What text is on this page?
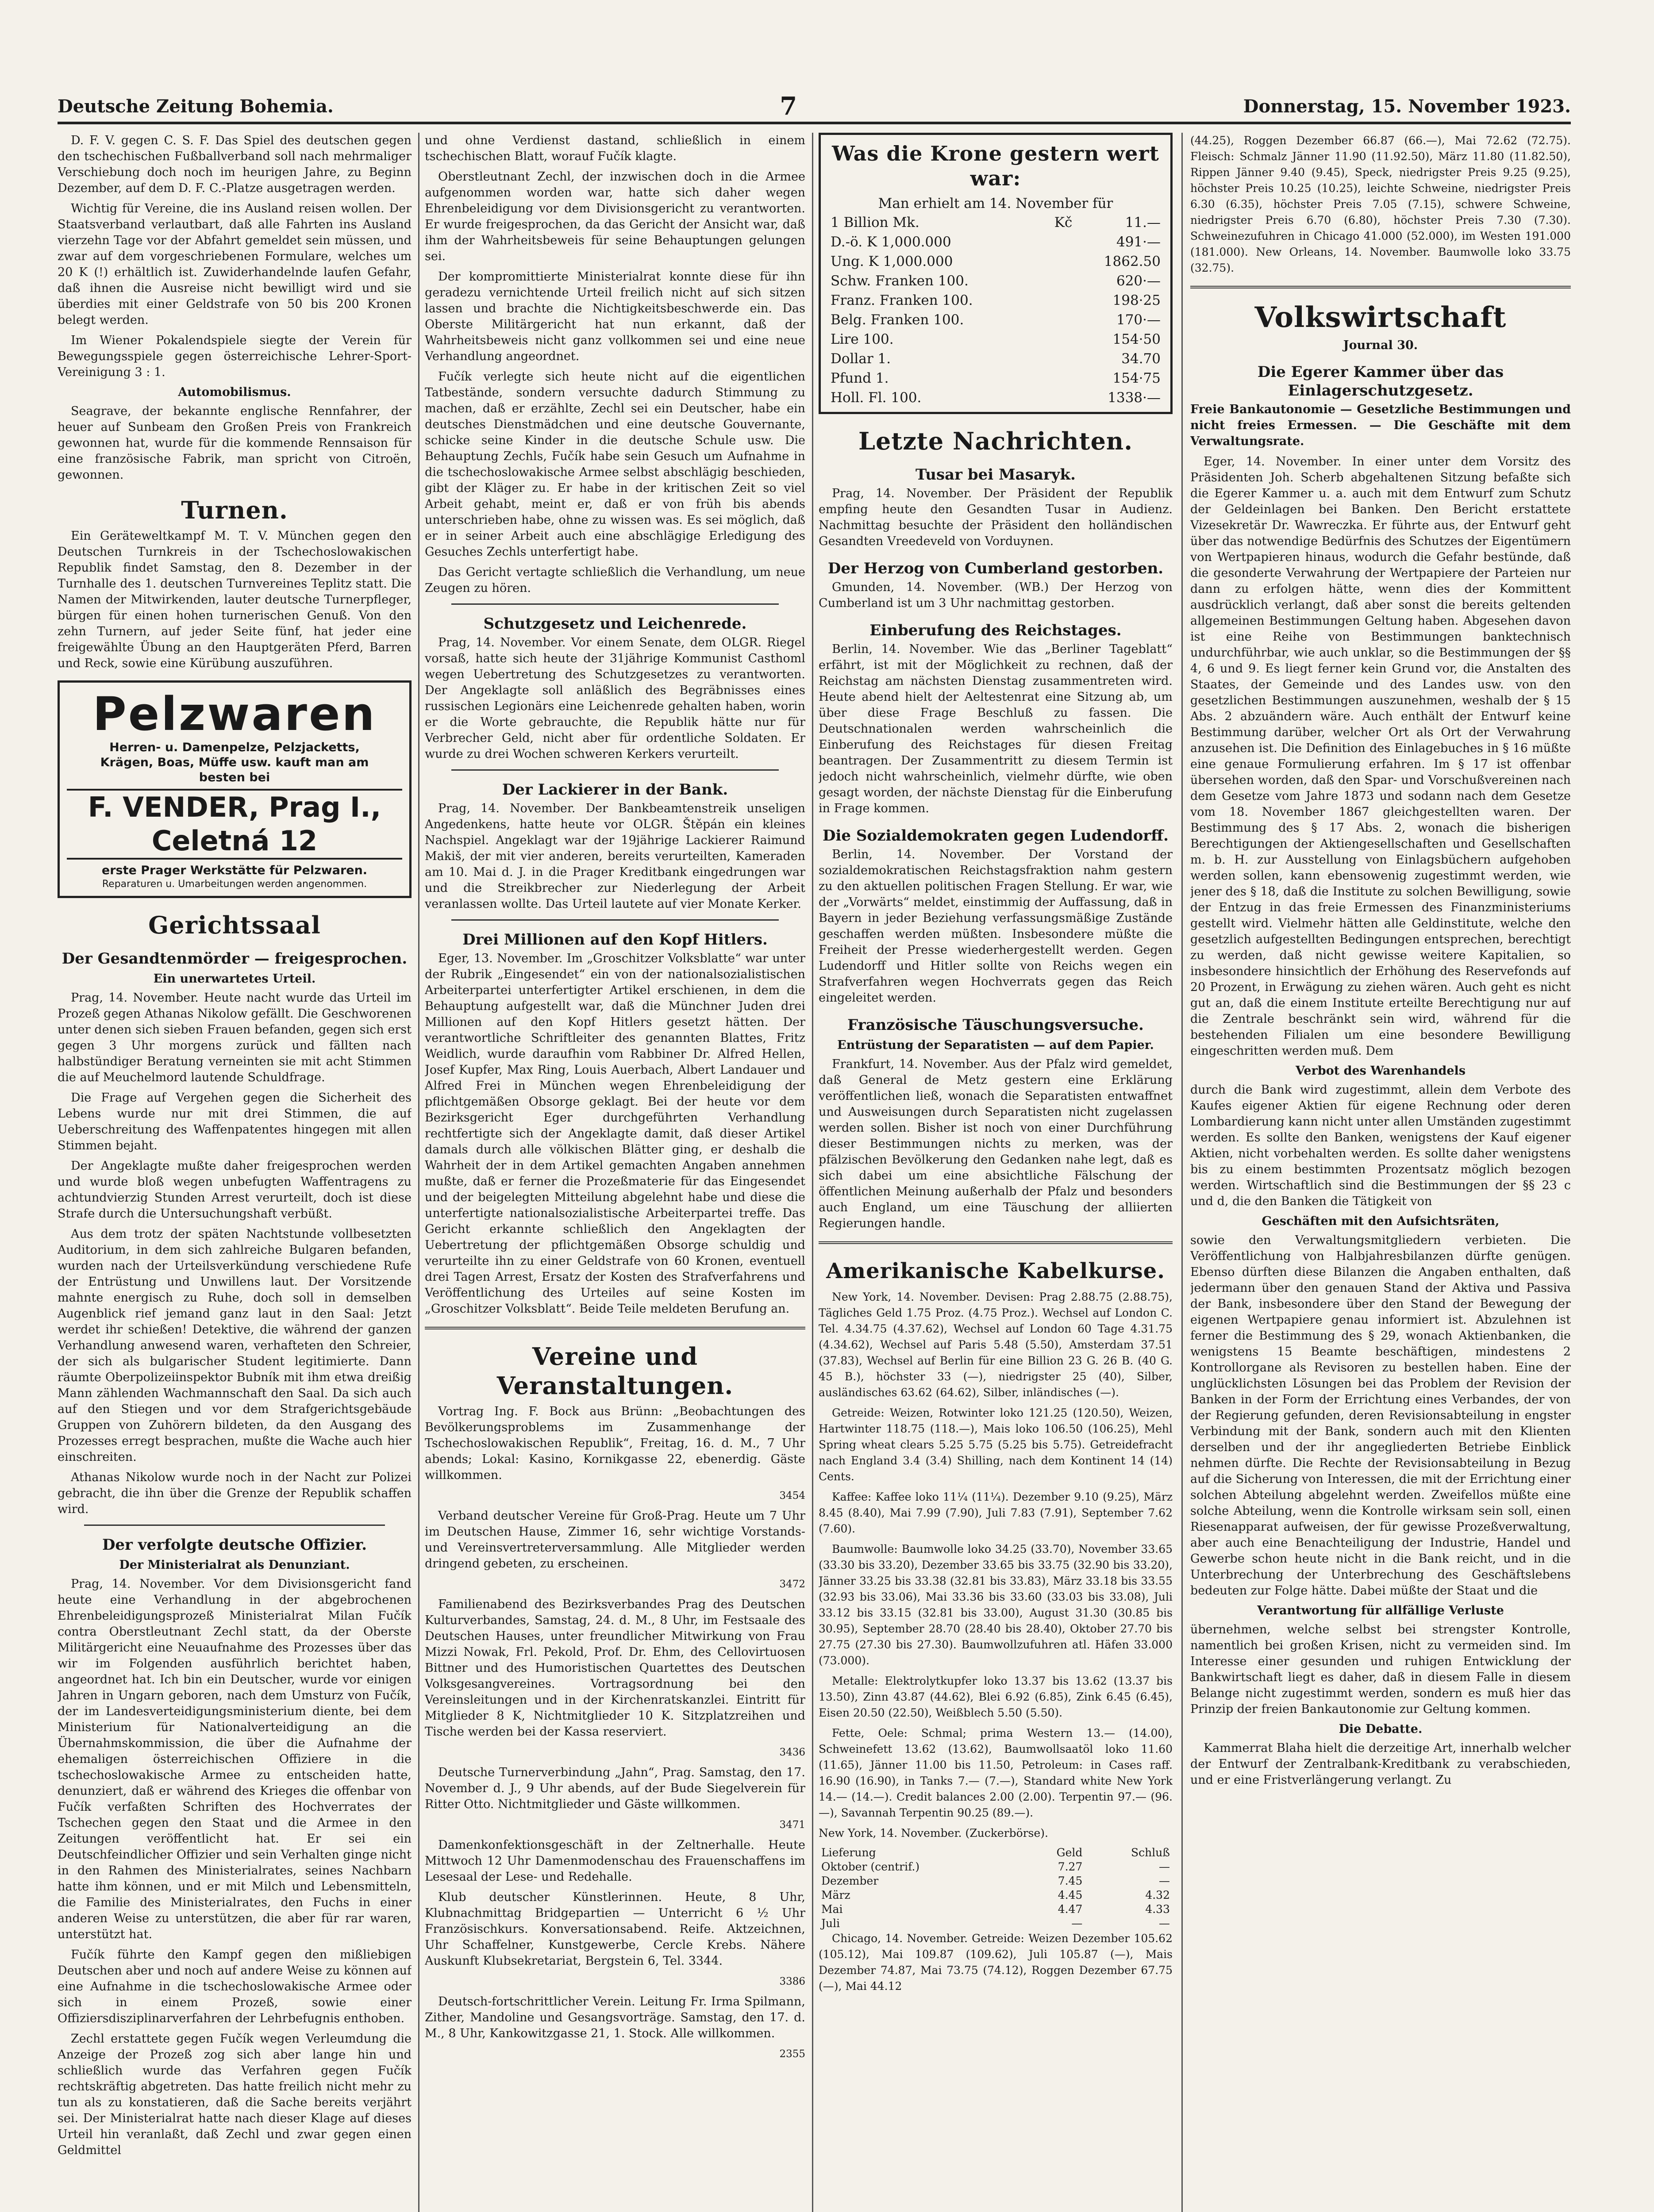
Deutsche Zeitung Bohemia.	7	Donnerstag, 15. November 1923.

D. F. V. gegen C. S. F. Das Spiel des deutschen gegen den tschechischen Fußballverband soll nach mehrmaliger Verschiebung doch noch im heurigen Jahre, zu Beginn Dezember, auf dem D. F. C.-Platze ausgetragen werden.

Wichtig für Vereine, die ins Ausland reisen wollen. Der Staatsverband verlautbart, daß alle Fahrten ins Ausland vierzehn Tage vor der Abfahrt gemeldet sein müssen, und zwar auf dem vorgeschriebenen Formulare, welches um 20 K (!) erhältlich ist. Zuwiderhandelnde laufen Gefahr, daß ihnen die Ausreise nicht bewilligt wird und sie überdies mit einer Geldstrafe von 50 bis 200 Kronen belegt werden.

Im Wiener Pokalendspiele siegte der Verein für Bewegungsspiele gegen österreichische Lehrer-Sport-Vereinigung 3 : 1.

Automobilismus.

Seagrave, der bekannte englische Rennfahrer, der heuer auf Sunbeam den Großen Preis von Frankreich gewonnen hat, wurde für die kommende Rennsaison für eine französische Fabrik, man spricht von Citroën, gewonnen.

Turnen.

Ein Geräteweltkampf M. T. V. München gegen den Deutschen Turnkreis in der Tschechoslowakischen Republik findet Samstag, den 8. Dezember in der Turnhalle des 1. deutschen Turnvereines Teplitz statt. Die Namen der Mitwirkenden, lauter deutsche Turnerpfleger, bürgen für einen hohen turnerischen Genuß. Von den zehn Turnern, auf jeder Seite fünf, hat jeder eine freigewählte Übung an den Hauptgeräten Pferd, Barren und Reck, sowie eine Kürübung auszuführen.

Pelzwaren
Herren- u. Damenpelze, Pelzjacketts,
Krägen, Boas, Müffe usw. kauft man am
besten bei
F. VENDER, Prag I., Celetná 12
erste Prager Werkstätte für Pelzwaren.
Reparaturen u. Umarbeitungen werden angenommen.
Gerichtssaal
Der Gesandtenmörder — freigesprochen.
Ein unerwartetes Urteil.

Prag, 14. November. Heute nacht wurde das Urteil im Prozeß gegen Athanas Nikolow gefällt. Die Geschworenen unter denen sich sieben Frauen befanden, gegen sich erst gegen 3 Uhr morgens zurück und fällten nach halbstündiger Beratung verneinten sie mit acht Stimmen die auf Meuchelmord lautende Schuldfrage.

Die Frage auf Vergehen gegen die Sicherheit des Lebens wurde nur mit drei Stimmen, die auf Ueberschreitung des Waffenpatentes hingegen mit allen Stimmen bejaht.

Der Angeklagte mußte daher freigesprochen werden und wurde bloß wegen unbefugten Waffentragens zu achtundvierzig Stunden Arrest verurteilt, doch ist diese Strafe durch die Untersuchungshaft verbüßt.

Aus dem trotz der späten Nachtstunde vollbesetzten Auditorium, in dem sich zahlreiche Bulgaren befanden, wurden nach der Urteilsverkündung verschiedene Rufe der Entrüstung und Unwillens laut. Der Vorsitzende mahnte energisch zu Ruhe, doch soll in demselben Augenblick rief jemand ganz laut in den Saal: Jetzt werdet ihr schießen! Detektive, die während der ganzen Verhandlung anwesend waren, verhafteten den Schreier, der sich als bulgarischer Student legitimierte. Dann räumte Oberpolizeiinspektor Bubník mit ihm etwa dreißig Mann zählenden Wachmannschaft den Saal. Da sich auch auf den Stiegen und vor dem Strafgerichtsgebäude Gruppen von Zuhörern bildeten, da den Ausgang des Prozesses erregt besprachen, mußte die Wache auch hier einschreiten.

Athanas Nikolow wurde noch in der Nacht zur Polizei gebracht, die ihn über die Grenze der Republik schaffen wird.

Der verfolgte deutsche Offizier.
Der Ministerialrat als Denunziant.

Prag, 14. November. Vor dem Divisionsgericht fand heute eine Verhandlung in der abgebrochenen Ehrenbeleidigungsprozeß Ministerialrat Milan Fučík contra Oberstleutnant Zechl statt, da der Oberste Militärgericht eine Neuaufnahme des Prozesses über das wir im Folgenden ausführlich berichtet haben, angeordnet hat. Ich bin ein Deutscher, wurde vor einigen Jahren in Ungarn geboren, nach dem Umsturz von Fučík, der im Landesverteidigungsministerium diente, bei dem Ministerium für Nationalverteidigung an die Übernahmskommission, die über die Aufnahme der ehemaligen österreichischen Offiziere in die tschechoslowakische Armee zu entscheiden hatte, denunziert, daß er während des Krieges die offenbar von Fučík verfaßten Schriften des Hochverrates der Tschechen gegen den Staat und die Armee in den Zeitungen veröffentlicht hat. Er sei ein Deutschfeindlicher Offizier und sein Verhalten ginge nicht in den Rahmen des Ministerialrates, seines Nachbarn hatte ihm können, und er mit Milch und Lebensmitteln, die Familie des Ministerialrates, den Fuchs in einer anderen Weise zu unterstützen, die aber für rar waren, unterstützt hat.

Fučík führte den Kampf gegen den mißliebigen Deutschen aber und noch auf andere Weise zu können auf eine Aufnahme in die tschechoslowakische Armee oder sich in einem Prozeß, sowie einer Offiziersdisziplinarverfahren der Lehrbefugnis enthoben.

Zechl erstattete gegen Fučík wegen Verleumdung die Anzeige der Prozeß zog sich aber lange hin und schließlich wurde das Verfahren gegen Fučík rechtskräftig abgetreten. Das hatte freilich nicht mehr zu tun als zu konstatieren, daß die Sache bereits verjährt sei. Der Ministerialrat hatte nach dieser Klage auf dieses Urteil hin veranlaßt, daß Zechl und zwar gegen einen Geldmittel

und ohne Verdienst dastand, schließlich in einem tschechischen Blatt, worauf Fučík klagte.

Oberstleutnant Zechl, der inzwischen doch in die Armee aufgenommen worden war, hatte sich daher wegen Ehrenbeleidigung vor dem Divisionsgericht zu verantworten. Er wurde freigesprochen, da das Gericht der Ansicht war, daß ihm der Wahrheitsbeweis für seine Behauptungen gelungen sei.

Der kompromittierte Ministerialrat konnte diese für ihn geradezu vernichtende Urteil freilich nicht auf sich sitzen lassen und brachte die Nichtigkeitsbeschwerde ein. Das Oberste Militärgericht hat nun erkannt, daß der Wahrheitsbeweis nicht ganz vollkommen sei und eine neue Verhandlung angeordnet.

Fučík verlegte sich heute nicht auf die eigentlichen Tatbestände, sondern versuchte dadurch Stimmung zu machen, daß er erzählte, Zechl sei ein Deutscher, habe ein deutsches Dienstmädchen und eine deutsche Gouvernante, schicke seine Kinder in die deutsche Schule usw. Die Behauptung Zechls, Fučík habe sein Gesuch um Aufnahme in die tschechoslowakische Armee selbst abschlägig beschieden, gibt der Kläger zu. Er habe in der kritischen Zeit so viel Arbeit gehabt, meint er, daß er von früh bis abends unterschrieben habe, ohne zu wissen was. Es sei möglich, daß er in seiner Arbeit auch eine abschlägige Erledigung des Gesuches Zechls unterfertigt habe.

Das Gericht vertagte schließlich die Verhandlung, um neue Zeugen zu hören.

Schutzgesetz und Leichenrede.

Prag, 14. November. Vor einem Senate, dem OLGR. Riegel vorsaß, hatte sich heute der 31jährige Kommunist Casthoml wegen Uebertretung des Schutzgesetzes zu verantworten. Der Angeklagte soll anläßlich des Begräbnisses eines russischen Legionärs eine Leichenrede gehalten haben, worin er die Worte gebrauchte, die Republik hätte nur für Verbrecher Geld, nicht aber für ordentliche Soldaten. Er wurde zu drei Wochen schweren Kerkers verurteilt.

Der Lackierer in der Bank.

Prag, 14. November. Der Bankbeamtenstreik unseligen Angedenkens, hatte heute vor OLGR. Štěpán ein kleines Nachspiel. Angeklagt war der 19jährige Lackierer Raimund Makiš, der mit vier anderen, bereits verurteilten, Kameraden am 10. Mai d. J. in die Prager Kreditbank eingedrungen war und die Streikbrecher zur Niederlegung der Arbeit veranlassen wollte. Das Urteil lautete auf vier Monate Kerker.

Drei Millionen auf den Kopf Hitlers.

Eger, 13. November. Im „Groschitzer Volksblatte“ war unter der Rubrik „Eingesendet“ ein von der nationalsozialistischen Arbeiterpartei unterfertigter Artikel erschienen, in dem die Behauptung aufgestellt war, daß die Münchner Juden drei Millionen auf den Kopf Hitlers gesetzt hätten. Der verantwortliche Schriftleiter des genannten Blattes, Fritz Weidlich, wurde daraufhin vom Rabbiner Dr. Alfred Hellen, Josef Kupfer, Max Ring, Louis Auerbach, Albert Landauer und Alfred Frei in München wegen Ehrenbeleidigung der pflichtgemäßen Obsorge geklagt. Bei der heute vor dem Bezirksgericht Eger durchgeführten Verhandlung rechtfertigte sich der Angeklagte damit, daß dieser Artikel damals durch alle völkischen Blätter ging, er deshalb die Wahrheit der in dem Artikel gemachten Angaben annehmen mußte, daß er ferner die Prozeßmaterie für das Eingesendet und der beigelegten Mitteilung abgelehnt habe und diese die unterfertigte nationalsozialistische Arbeiterpartei treffe. Das Gericht erkannte schließlich den Angeklagten der Uebertretung der pflichtgemäßen Obsorge schuldig und verurteilte ihn zu einer Geldstrafe von 60 Kronen, eventuell drei Tagen Arrest, Ersatz der Kosten des Strafverfahrens und Veröffentlichung des Urteiles auf seine Kosten im „Groschitzer Volksblatt“. Beide Teile meldeten Berufung an.

Vereine und Veranstaltungen.

Vortrag Ing. F. Bock aus Brünn: „Beobachtungen des Bevölkerungsproblems im Zusammenhange der Tschechoslowakischen Republik“, Freitag, 16. d. M., 7 Uhr abends; Lokal: Kasino, Kornikgasse 22, ebenerdig. Gäste willkommen.

3454

Verband deutscher Vereine für Groß-Prag. Heute um 7 Uhr im Deutschen Hause, Zimmer 16, sehr wichtige Vorstands- und Vereinsvertreterversammlung. Alle Mitglieder werden dringend gebeten, zu erscheinen.

3472

Familienabend des Bezirksverbandes Prag des Deutschen Kulturverbandes, Samstag, 24. d. M., 8 Uhr, im Festsaale des Deutschen Hauses, unter freundlicher Mitwirkung von Frau Mizzi Nowak, Frl. Pekold, Prof. Dr. Ehm, des Cellovirtuosen Bittner und des Humoristischen Quartettes des Deutschen Volksgesangvereines. Vortragsordnung bei den Vereinsleitungen und in der Kirchenratskanzlei. Eintritt für Mitglieder 8 K, Nichtmitglieder 10 K. Sitzplatzreihen und Tische werden bei der Kassa reserviert.

3436

Deutsche Turnerverbindung „Jahn“, Prag. Samstag, den 17. November d. J., 9 Uhr abends, auf der Bude Siegelverein für Ritter Otto. Nichtmitglieder und Gäste willkommen.

3471

Damenkonfektionsgeschäft in der Zeltnerhalle. Heute Mittwoch 12 Uhr Damenmodenschau des Frauenschaffens im Lesesaal der Lese- und Redehalle.

Klub deutscher Künstlerinnen. Heute, 8 Uhr, Klubnachmittag Bridgepartien — Unterricht 6 ½ Uhr Französischkurs. Konversationsabend. Reife. Aktzeichnen, Uhr Schaffelner, Kunstgewerbe, Cercle Krebs. Nähere Auskunft Klubsekretariat, Bergstein 6, Tel. 3344.

3386

Deutsch-fortschrittlicher Verein. Leitung Fr. Irma Spilmann, Zither, Mandoline und Gesangsvorträge. Samstag, den 17. d. M., 8 Uhr, Kankowitzgasse 21, 1. Stock. Alle willkommen.

2355

Was die Krone gestern wert war:
Man erhielt am 14. November für
1 Billion Mk.	Kč	11.—
D.-ö. K 1,000.000		491·—
Ung. K 1,000.000		1862.50
Schw. Franken 100.		620·—
Franz. Franken 100.		198·25
Belg. Franken 100.		170·—
Lire 100.		154·50
Dollar 1.		34.70
Pfund 1.		154·75
Holl. Fl. 100.		1338·—
Letzte Nachrichten.
Tusar bei Masaryk.

Prag, 14. November. Der Präsident der Republik empfing heute den Gesandten Tusar in Audienz. Nachmittag besuchte der Präsident den holländischen Gesandten Vreedeveld von Vorduynen.

Der Herzog von Cumberland gestorben.

Gmunden, 14. November. (WB.) Der Herzog von Cumberland ist um 3 Uhr nachmittag gestorben.

Einberufung des Reichstages.

Berlin, 14. November. Wie das „Berliner Tageblatt“ erfährt, ist mit der Möglichkeit zu rechnen, daß der Reichstag am nächsten Dienstag zusammentreten wird. Heute abend hielt der Aeltestenrat eine Sitzung ab, um über diese Frage Beschluß zu fassen. Die Deutschnationalen werden wahrscheinlich die Einberufung des Reichstages für diesen Freitag beantragen. Der Zusammentritt zu diesem Termin ist jedoch nicht wahrscheinlich, vielmehr dürfte, wie oben gesagt worden, der nächste Dienstag für die Einberufung in Frage kommen.

Die Sozialdemokraten gegen Ludendorff.

Berlin, 14. November. Der Vorstand der sozialdemokratischen Reichstagsfraktion nahm gestern zu den aktuellen politischen Fragen Stellung. Er war, wie der „Vorwärts“ meldet, einstimmig der Auffassung, daß in Bayern in jeder Beziehung verfassungsmäßige Zustände geschaffen werden müßten. Insbesondere müßte die Freiheit der Presse wiederhergestellt werden. Gegen Ludendorff und Hitler sollte von Reichs wegen ein Strafverfahren wegen Hochverrats gegen das Reich eingeleitet werden.

Französische Täuschungsversuche.
Entrüstung der Separatisten — auf dem Papier.

Frankfurt, 14. November. Aus der Pfalz wird gemeldet, daß General de Metz gestern eine Erklärung veröffentlichen ließ, wonach die Separatisten entwaffnet und Ausweisungen durch Separatisten nicht zugelassen werden sollen. Bisher ist noch von einer Durchführung dieser Bestimmungen nichts zu merken, was der pfälzischen Bevölkerung den Gedanken nahe legt, daß es sich dabei um eine absichtliche Fälschung der öffentlichen Meinung außerhalb der Pfalz und besonders auch England, um eine Täuschung der alliierten Regierungen handle.

Amerikanische Kabelkurse.

New York, 14. November. Devisen: Prag 2.88.75 (2.88.75), Tägliches Geld 1.75 Proz. (4.75 Proz.). Wechsel auf London C. Tel. 4.34.75 (4.37.62), Wechsel auf London 60 Tage 4.31.75 (4.34.62), Wechsel auf Paris 5.48 (5.50), Amsterdam 37.51 (37.83), Wechsel auf Berlin für eine Billion 23 G. 26 B. (40 G. 45 B.), höchster 33 (—), niedrigster 25 (40), Silber, ausländisches 63.62 (64.62), Silber, inländisches (—).

Getreide: Weizen, Rotwinter loko 121.25 (120.50), Weizen, Hartwinter 118.75 (118.—), Mais loko 106.50 (106.25), Mehl Spring wheat clears 5.25 5.75 (5.25 bis 5.75). Getreidefracht nach England 3.4 (3.4) Shilling, nach dem Kontinent 14 (14) Cents.

Kaffee: Kaffee loko 11¼ (11¼). Dezember 9.10 (9.25), März 8.45 (8.40), Mai 7.99 (7.90), Juli 7.83 (7.91), September 7.62 (7.60).

Baumwolle: Baumwolle loko 34.25 (33.70), November 33.65 (33.30 bis 33.20), Dezember 33.65 bis 33.75 (32.90 bis 33.20), Jänner 33.25 bis 33.38 (32.81 bis 33.83), März 33.18 bis 33.55 (32.93 bis 33.06), Mai 33.36 bis 33.60 (33.03 bis 33.08), Juli 33.12 bis 33.15 (32.81 bis 33.00), August 31.30 (30.85 bis 30.95), September 28.70 (28.40 bis 28.40), Oktober 27.70 bis 27.75 (27.30 bis 27.30). Baumwollzufuhren atl. Häfen 33.000 (73.000).

Metalle: Elektrolytkupfer loko 13.37 bis 13.62 (13.37 bis 13.50), Zinn 43.87 (44.62), Blei 6.92 (6.85), Zink 6.45 (6.45), Eisen 20.50 (22.50), Weißblech 5.50 (5.50).

Fette, Oele: Schmal; prima Western 13.— (14.00), Schweinefett 13.62 (13.62), Baumwollsaatöl loko 11.60 (11.65), Jänner 11.00 bis 11.50, Petroleum: in Cases raff. 16.90 (16.90), in Tanks 7.— (7.—), Standard white New York 14.— (14.—). Credit balances 2.00 (2.00). Terpentin 97.— (96.—), Savannah Terpentin 90.25 (89.—).

New York, 14. November. (Zuckerbörse).

Lieferung	Geld	Schluß
Oktober (centrif.)	7.27	—
Dezember	7.45	—
März	4.45	4.32
Mai	4.47	4.33
Juli	—	—

Chicago, 14. November. Getreide: Weizen Dezember 105.62 (105.12), Mai 109.87 (109.62), Juli 105.87 (—), Mais Dezember 74.87, Mai 73.75 (74.12), Roggen Dezember 67.75 (—), Mai 44.12

(44.25), Roggen Dezember 66.87 (66.—), Mai 72.62 (72.75). Fleisch: Schmalz Jänner 11.90 (11.92.50), März 11.80 (11.82.50), Rippen Jänner 9.40 (9.45), Speck, niedrigster Preis 9.25 (9.25), höchster Preis 10.25 (10.25), leichte Schweine, niedrigster Preis 6.30 (6.35), höchster Preis 7.05 (7.15), schwere Schweine, niedrigster Preis 6.70 (6.80), höchster Preis 7.30 (7.30). Schweinezufuhren in Chicago 41.000 (52.000), im Westen 191.000 (181.000). New Orleans, 14. November. Baumwolle loko 33.75 (32.75).

Volkswirtschaft
Journal 30.
Die Egerer Kammer über das Einlagerschutzgesetz.

Freie Bankautonomie — Gesetzliche Bestimmungen und nicht freies Ermessen. — Die Geschäfte mit dem Verwaltungsrate.

Eger, 14. November. In einer unter dem Vorsitz des Präsidenten Joh. Scherb abgehaltenen Sitzung befaßte sich die Egerer Kammer u. a. auch mit dem Entwurf zum Schutz der Geldeinlagen bei Banken. Den Bericht erstattete Vizesekretär Dr. Wawreczka. Er führte aus, der Entwurf geht über das notwendige Bedürfnis des Schutzes der Eigentümern von Wertpapieren hinaus, wodurch die Gefahr bestünde, daß die gesonderte Verwahrung der Wertpapiere der Parteien nur dann zu erfolgen hätte, wenn dies der Kommittent ausdrücklich verlangt, daß aber sonst die bereits geltenden allgemeinen Bestimmungen Geltung haben. Abgesehen davon ist eine Reihe von Bestimmungen banktechnisch undurchführbar, wie auch unklar, so die Bestimmungen der §§ 4, 6 und 9. Es liegt ferner kein Grund vor, die Anstalten des Staates, der Gemeinde und des Landes usw. von den gesetzlichen Bestimmungen auszunehmen, weshalb der § 15 Abs. 2 abzuändern wäre. Auch enthält der Entwurf keine Bestimmung darüber, welcher Ort als Ort der Verwahrung anzusehen ist. Die Definition des Einlagebuches in § 16 müßte eine genaue Formulierung erfahren. Im § 17 ist offenbar übersehen worden, daß den Spar- und Vorschußvereinen nach dem Gesetze vom Jahre 1873 und sodann nach dem Gesetze vom 18. November 1867 gleichgestellten waren. Der Bestimmung des § 17 Abs. 2, wonach die bisherigen Berechtigungen der Aktiengesellschaften und Gesellschaften m. b. H. zur Ausstellung von Einlagsbüchern aufgehoben werden sollen, kann ebensowenig zugestimmt werden, wie jener des § 18, daß die Institute zu solchen Bewilligung, sowie der Entzug in das freie Ermessen des Finanzministeriums gestellt wird. Vielmehr hätten alle Geldinstitute, welche den gesetzlich aufgestellten Bedingungen entsprechen, berechtigt zu werden, daß nicht gewisse weitere Kapitalien, so insbesondere hinsichtlich der Erhöhung des Reservefonds auf 20 Prozent, in Erwägung zu ziehen wären. Auch geht es nicht gut an, daß die einem Institute erteilte Berechtigung nur auf die Zentrale beschränkt sein wird, während für die bestehenden Filialen um eine besondere Bewilligung eingeschritten werden muß. Dem

Verbot des Warenhandels

durch die Bank wird zugestimmt, allein dem Verbote des Kaufes eigener Aktien für eigene Rechnung oder deren Lombardierung kann nicht unter allen Umständen zugestimmt werden. Es sollte den Banken, wenigstens der Kauf eigener Aktien, nicht vorbehalten werden. Es sollte daher wenigstens bis zu einem bestimmten Prozentsatz möglich bezogen werden. Wirtschaftlich sind die Bestimmungen der §§ 23 c und d, die den Banken die Tätigkeit von

Geschäften mit den Aufsichtsräten,

sowie den Verwaltungsmitgliedern verbieten. Die Veröffentlichung von Halbjahresbilanzen dürfte genügen. Ebenso dürften diese Bilanzen die Angaben enthalten, daß jedermann über den genauen Stand der Aktiva und Passiva der Bank, insbesondere über den Stand der Bewegung der eigenen Wertpapiere genau informiert ist. Abzulehnen ist ferner die Bestimmung des § 29, wonach Aktienbanken, die wenigstens 15 Beamte beschäftigen, mindestens 2 Kontrollorgane als Revisoren zu bestellen haben. Eine der unglücklichsten Lösungen bei das Problem der Revision der Banken in der Form der Errichtung eines Verbandes, der von der Regierung gefunden, deren Revisionsabteilung in engster Verbindung mit der Bank, sondern auch mit den Klienten derselben und der ihr angegliederten Betriebe Einblick nehmen dürfte. Die Rechte der Revisionsabteilung in Bezug auf die Sicherung von Interessen, die mit der Errichtung einer solchen Abteilung abgelehnt werden. Zweifellos müßte eine solche Abteilung, wenn die Kontrolle wirksam sein soll, einen Riesenapparat aufweisen, der für gewisse Prozeßverwaltung, aber auch eine Benachteiligung der Industrie, Handel und Gewerbe schon heute nicht in die Bank reicht, und in die Unterbrechung der Unterbrechung des Geschäftslebens bedeuten zur Folge hätte. Dabei müßte der Staat und die

Verantwortung für allfällige Verluste

übernehmen, welche selbst bei strengster Kontrolle, namentlich bei großen Krisen, nicht zu vermeiden sind. Im Interesse einer gesunden und ruhigen Entwicklung der Bankwirtschaft liegt es daher, daß in diesem Falle in diesem Belange nicht zugestimmt werden, sondern es muß hier das Prinzip der freien Bankautonomie zur Geltung kommen.

Die Debatte.

Kammerrat Blaha hielt die derzeitige Art, innerhalb welcher der Entwurf der Zentralbank-Kreditbank zu verabschieden, und er eine Fristverlängerung verlangt. Zu
